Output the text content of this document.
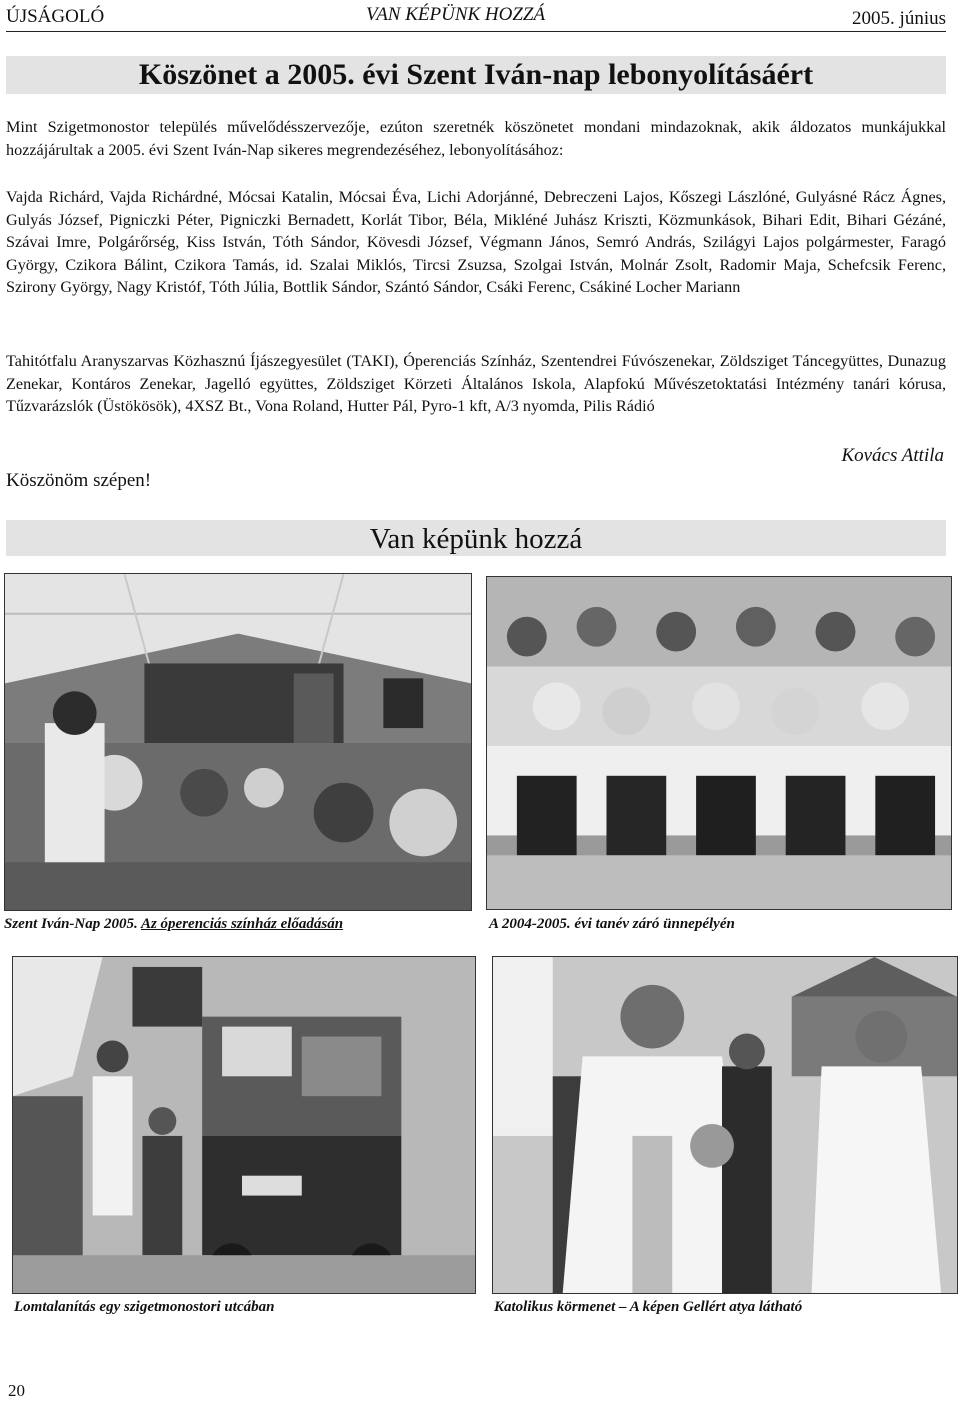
ÚJSÁGOLÓ	VAN KÉPÜNK HOZZÁ	2005. június
Köszönet a 2005. évi Szent Iván-nap lebonyolításáért

Mint Szigetmonostor település művelődésszervezője, ezúton szeretnék köszönetet mondani mindazoknak, akik áldozatos munkájukkal hozzájárultak a 2005. évi Szent Iván-Nap sikeres megrendezéséhez, lebonyolításához:

Vajda Richárd, Vajda Richárdné, Mócsai Katalin, Mócsai Éva, Lichi Adorjánné, Debreczeni Lajos, Kőszegi Lászlóné, Gulyásné Rácz Ágnes, Gulyás József, Pigniczki Péter, Pigniczki Bernadett, Korlát Tibor, Béla, Mikléné Juhász Kriszti, Közmunkások, Bihari Edit, Bihari Gézáné, Szávai Imre, Polgárőrség, Kiss István, Tóth Sándor, Kövesdi József, Végmann János, Semró András, Szilágyi Lajos polgármester, Faragó György, Czikora Bálint, Czikora Tamás, id. Szalai Miklós, Tircsi Zsuzsa, Szolgai István, Molnár Zsolt, Radomir Maja, Schefcsik Ferenc, Szirony György, Nagy Kristóf, Tóth Júlia, Bottlik Sándor, Szántó Sándor, Csáki Ferenc, Csákiné Locher Mariann

Tahitótfalu Aranyszarvas Közhasznú Íjászegyesület (TAKI), Óperenciás Színház, Szentendrei Fúvószenekar, Zöldsziget Táncegyüttes, Dunazug Zenekar, Kontáros Zenekar, Jagelló együttes, Zöldsziget Körzeti Általános Iskola, Alapfokú Művészetoktatási Intézmény tanári kórusa, Tűzvarázslók (Üstökösök), 4XSZ Bt., Vona Roland, Hutter Pál, Pyro-1 kft, A/3 nyomda, Pilis Rádió

Kovács Attila
Köszönöm szépen!
Van képünk hozzá
Szent Iván-Nap 2005. Az óperenciás színház előadásán	A 2004-2005. évi tanév záró ünnepélyén
Lomtalanítás egy szigetmonostori utcában	Katolikus körmenet – A képen Gellért atya látható
20
